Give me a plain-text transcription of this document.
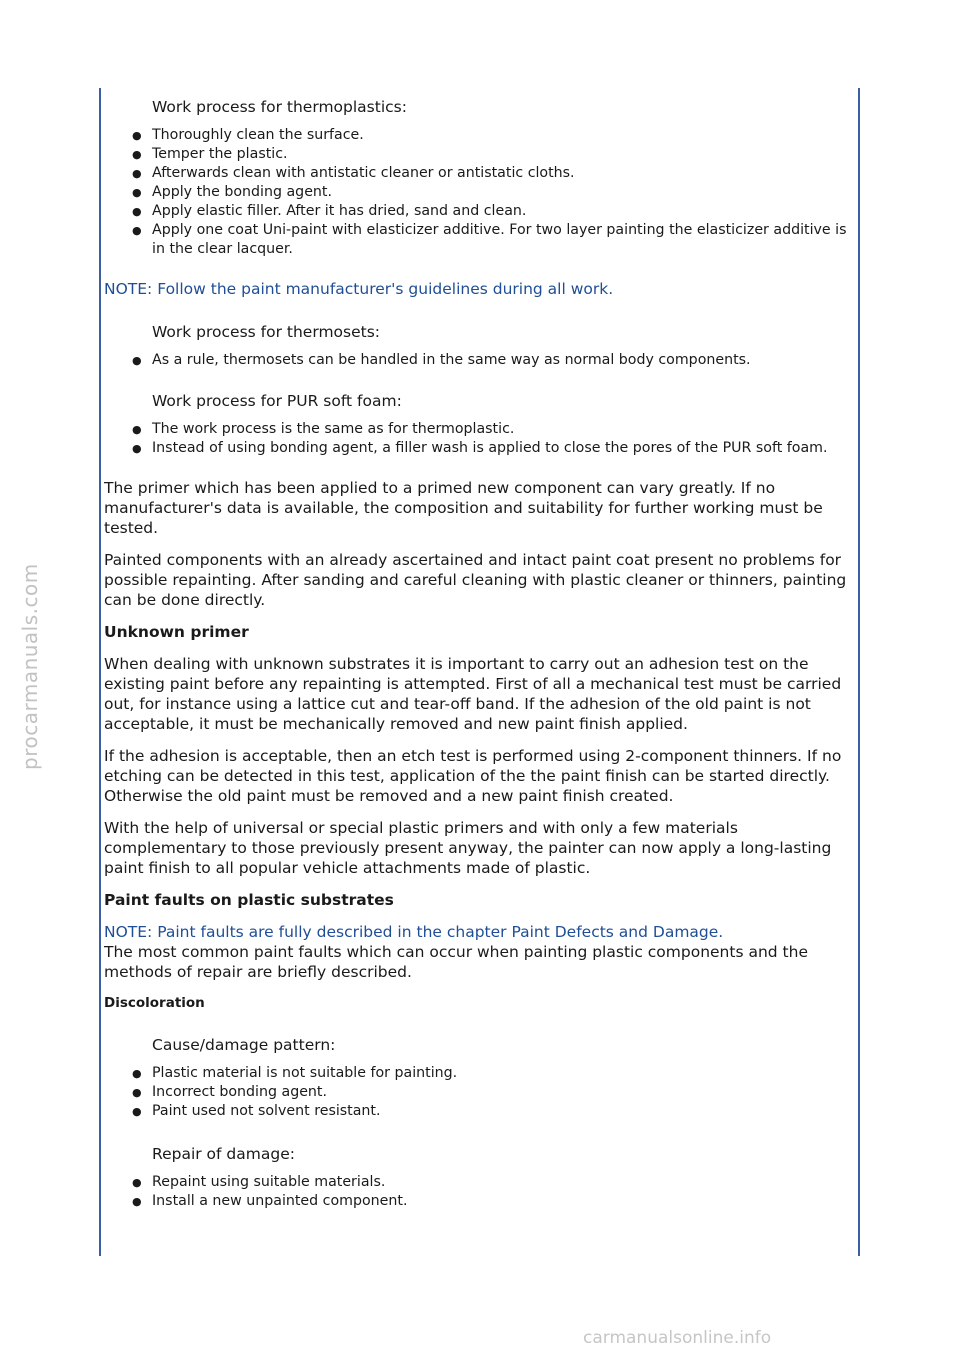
Work process for thermoplastics:
● Thoroughly clean the surface.
● Temper the plastic.
● Afterwards clean with antistatic cleaner or antistatic cloths.
● Apply the bonding agent.
● Apply elastic filler. After it has dried, sand and clean.
● Apply one coat Uni-paint with elasticizer additive. For two layer painting the elasticizer additive is in the clear lacquer.
NOTE: Follow the paint manufacturer's guidelines during all work.
Work process for thermosets:
● As a rule, thermosets can be handled in the same way as normal body components.
Work process for PUR soft foam:
● The work process is the same as for thermoplastic.
● Instead of using bonding agent, a filler wash is applied to close the pores of the PUR soft foam.

The primer which has been applied to a primed new component can vary greatly. If no manufacturer's data is available, the composition and suitability for further working must be tested.

Painted components with an already ascertained and intact paint coat present no problems for possible repainting. After sanding and careful cleaning with plastic cleaner or thinners, painting can be done directly.

Unknown primer

When dealing with unknown substrates it is important to carry out an adhesion test on the existing paint before any repainting is attempted. First of all a mechanical test must be carried out, for instance using a lattice cut and tear-off band. If the adhesion of the old paint is not acceptable, it must be mechanically removed and new paint finish applied.

If the adhesion is acceptable, then an etch test is performed using 2-component thinners. If no etching can be detected in this test, application of the the paint finish can be started directly. Otherwise the old paint must be removed and a new paint finish created.

With the help of universal or special plastic primers and with only a few materials complementary to those previously present anyway, the painter can now apply a long-lasting paint finish to all popular vehicle attachments made of plastic.

Paint faults on plastic substrates
NOTE: Paint faults are fully described in the chapter Paint Defects and Damage.

The most common paint faults which can occur when painting plastic components and the methods of repair are briefly described.

Discoloration
Cause/damage pattern:
● Plastic material is not suitable for painting.
● Incorrect bonding agent.
● Paint used not solvent resistant.
Repair of damage:
● Repaint using suitable materials.
● Install a new unpainted component.
procarmanuals.com
carmanualsonline.info
